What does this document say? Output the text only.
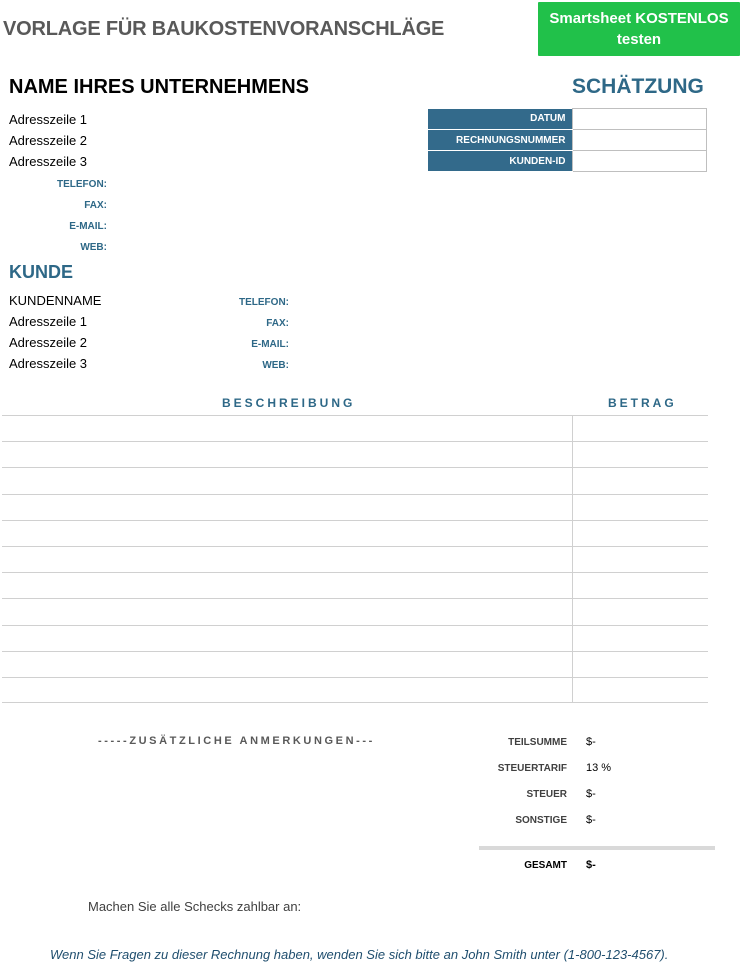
VORLAGE FÜR BAUKOSTENVORANSCHLÄGE	Smartsheet KOSTENLOS
testen
NAME IHRES UNTERNEHMENS	SCHÄTZUNG
Adresszeile 1
Adresszeile 2
Adresszeile 3
TELEFON:
FAX:
E-MAIL:
WEB:
DATUM	
RECHNUNGSNUMMER	
KUNDEN-ID	
KUNDE
KUNDENNAME
Adresszeile 1
Adresszeile 2
Adresszeile 3
TELEFON:
FAX:
E-MAIL:
WEB:
BESCHREIBUNG	BETRAG
-----ZUSÄTZLICHE ANMERKUNGEN---	TEILSUMME $-
STEUERTARIF 13 %
STEUER $-
SONSTIGE $-
GESAMT $-
Machen Sie alle Schecks zahlbar an:
Wenn Sie Fragen zu dieser Rechnung haben, wenden Sie sich bitte an John Smith unter (1-800-123-4567).
